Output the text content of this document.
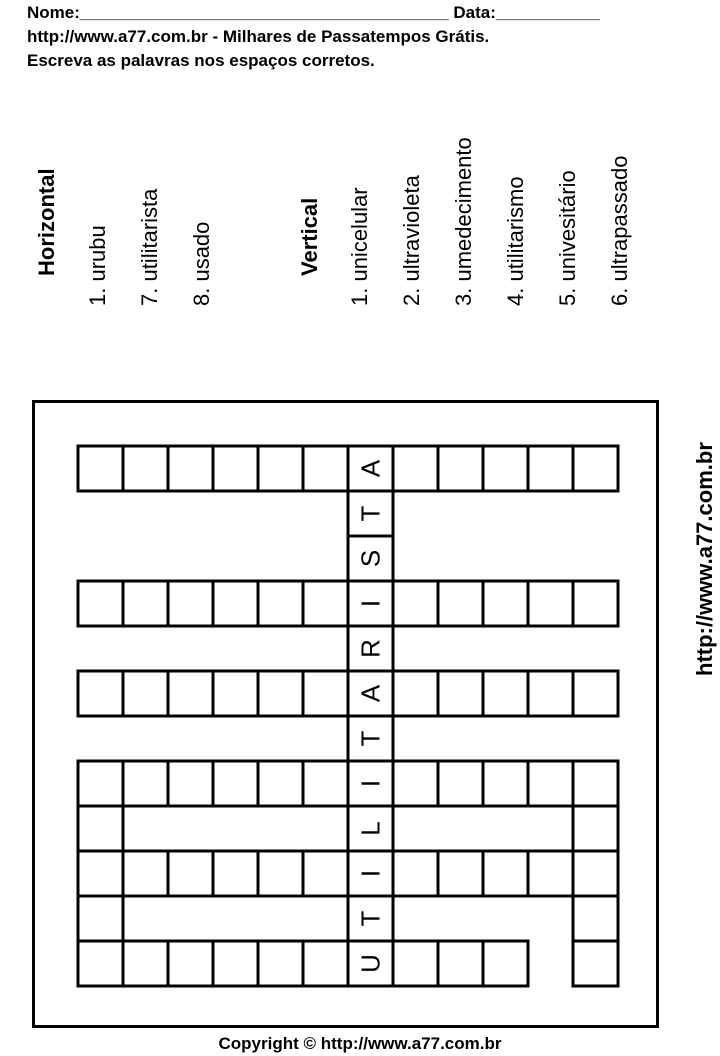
Nome:_______________________________________ Data:___________
http://www.a77.com.br - Milhares de Passatempos Grátis.
Escreva as palavras nos espaços corretos.
Horizontal 1. urubu 7. utilitarista 8. usado	Vertical 1. unicelular 2. ultravioleta 3. umedecimento 4. utilitarismo 5. univesitário 6. ultrapassado
http://www.a77.com.br
A
T
S
I
R
A
T
I
L
I
T
U
Copyright © http://www.a77.com.br
